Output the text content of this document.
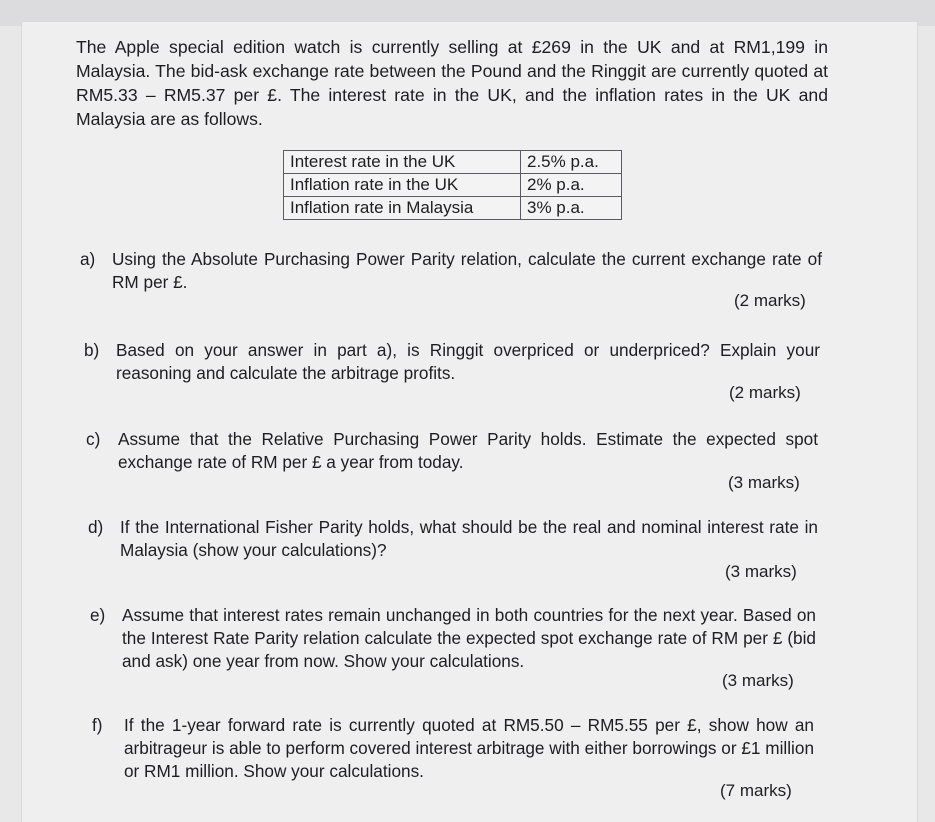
The Apple special edition watch is currently selling at £269 in the UK and at RM1,199 in Malaysia. The bid-ask exchange rate between the Pound and the Ringgit are currently quoted at RM5.33 – RM5.37 per £. The interest rate in the UK, and the inflation rates in the UK and Malaysia are as follows.

Interest rate in the UK	2.5% p.a.
Inflation rate in the UK	2% p.a.
Inflation rate in Malaysia	3% p.a.
a) Using the Absolute Purchasing Power Parity relation, calculate the current exchange rate of RM per £.
(2 marks)
b) Based on your answer in part a), is Ringgit overpriced or underpriced? Explain your reasoning and calculate the arbitrage profits.
(2 marks)
c) Assume that the Relative Purchasing Power Parity holds. Estimate the expected spot exchange rate of RM per £ a year from today.
(3 marks)
d) If the International Fisher Parity holds, what should be the real and nominal interest rate in Malaysia (show your calculations)?
(3 marks)
e) Assume that interest rates remain unchanged in both countries for the next year. Based on the Interest Rate Parity relation calculate the expected spot exchange rate of RM per £ (bid and ask) one year from now. Show your calculations.
(3 marks)
f) If the 1-year forward rate is currently quoted at RM5.50 – RM5.55 per £, show how an arbitrageur is able to perform covered interest arbitrage with either borrowings or £1 million or RM1 million. Show your calculations.
(7 marks)
